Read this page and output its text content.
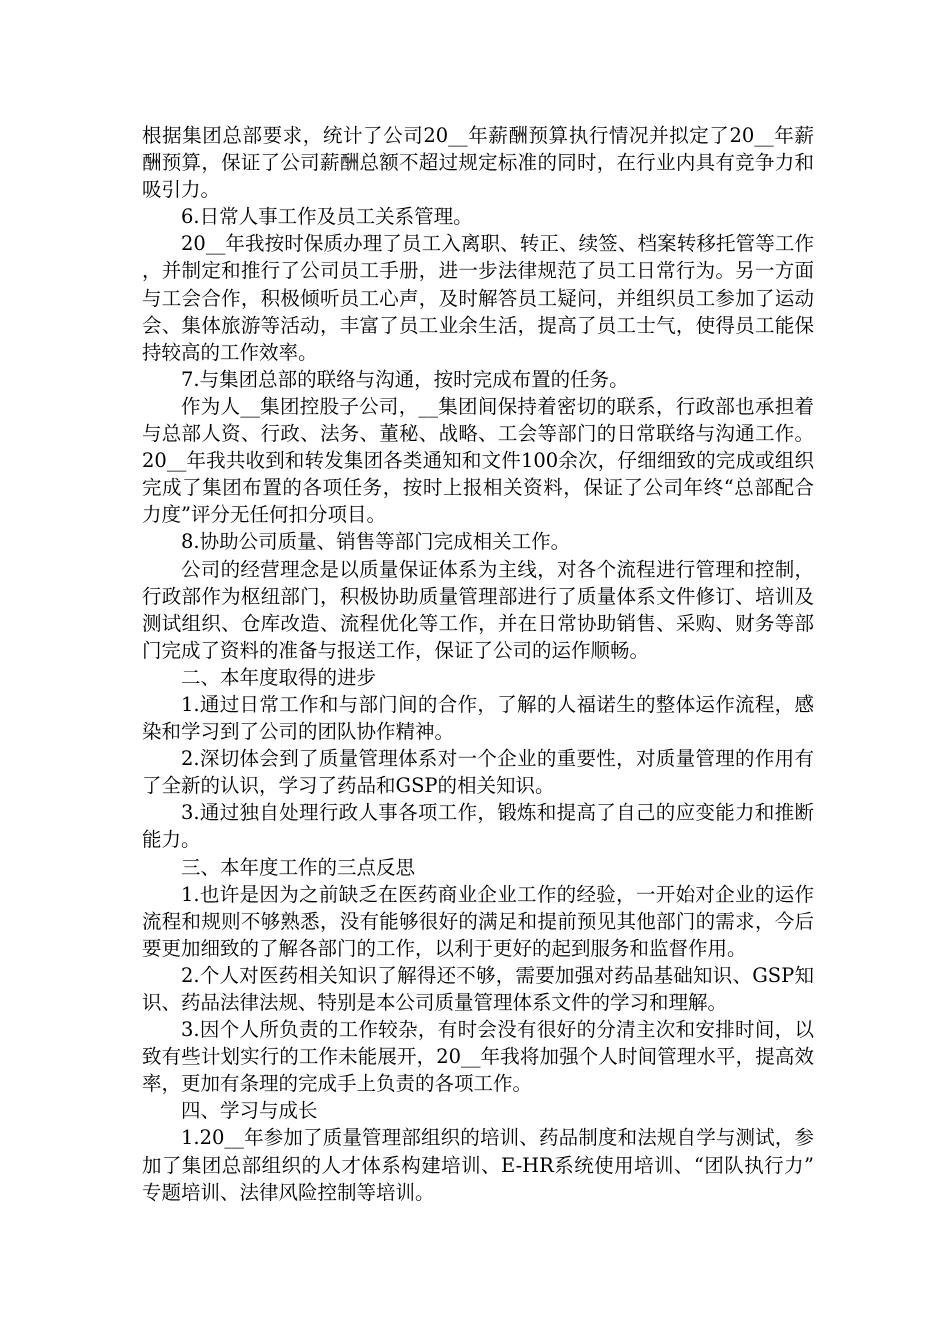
根据集团总部要求，统计了公司20__年薪酬预算执行情况并拟定了20__年薪酬预算，保证了公司薪酬总额不超过规定标准的同时，在行业内具有竞争力和吸引力。

6.日常人事工作及员工关系管理。

20__年我按时保质办理了员工入离职、转正、续签、档案转移托管等工作，并制定和推行了公司员工手册，进一步法律规范了员工日常行为。另一方面与工会合作，积极倾听员工心声，及时解答员工疑问，并组织员工参加了运动会、集体旅游等活动，丰富了员工业余生活，提高了员工士气，使得员工能保持较高的工作效率。

7.与集团总部的联络与沟通，按时完成布置的任务。

作为人__集团控股子公司，__集团间保持着密切的联系，行政部也承担着与总部人资、行政、法务、董秘、战略、工会等部门的日常联络与沟通工作。20__年我共收到和转发集团各类通知和文件100余次，仔细细致的完成或组织完成了集团布置的各项任务，按时上报相关资料，保证了公司年终“总部配合力度”评分无任何扣分项目。

8.协助公司质量、销售等部门完成相关工作。

公司的经营理念是以质量保证体系为主线，对各个流程进行管理和控制，行政部作为枢纽部门，积极协助质量管理部进行了质量体系文件修订、培训及测试组织、仓库改造、流程优化等工作，并在日常协助销售、采购、财务等部门完成了资料的准备与报送工作，保证了公司的运作顺畅。

二、本年度取得的进步

1.通过日常工作和与部门间的合作，了解的人福诺生的整体运作流程，感染和学习到了公司的团队协作精神。

2.深切体会到了质量管理体系对一个企业的重要性，对质量管理的作用有了全新的认识，学习了药品和GSP的相关知识。

3.通过独自处理行政人事各项工作，锻炼和提高了自己的应变能力和推断能力。

三、本年度工作的三点反思

1.也许是因为之前缺乏在医药商业企业工作的经验，一开始对企业的运作流程和规则不够熟悉，没有能够很好的满足和提前预见其他部门的需求，今后要更加细致的了解各部门的工作，以利于更好的起到服务和监督作用。

2.个人对医药相关知识了解得还不够，需要加强对药品基础知识、GSP知识、药品法律法规、特别是本公司质量管理体系文件的学习和理解。

3.因个人所负责的工作较杂，有时会没有很好的分清主次和安排时间，以致有些计划实行的工作未能展开，20__年我将加强个人时间管理水平，提高效率，更加有条理的完成手上负责的各项工作。

四、学习与成长

1.20__年参加了质量管理部组织的培训、药品制度和法规自学与测试，参加了集团总部组织的人才体系构建培训、E-HR系统使用培训、“团队执行力”专题培训、法律风险控制等培训。
